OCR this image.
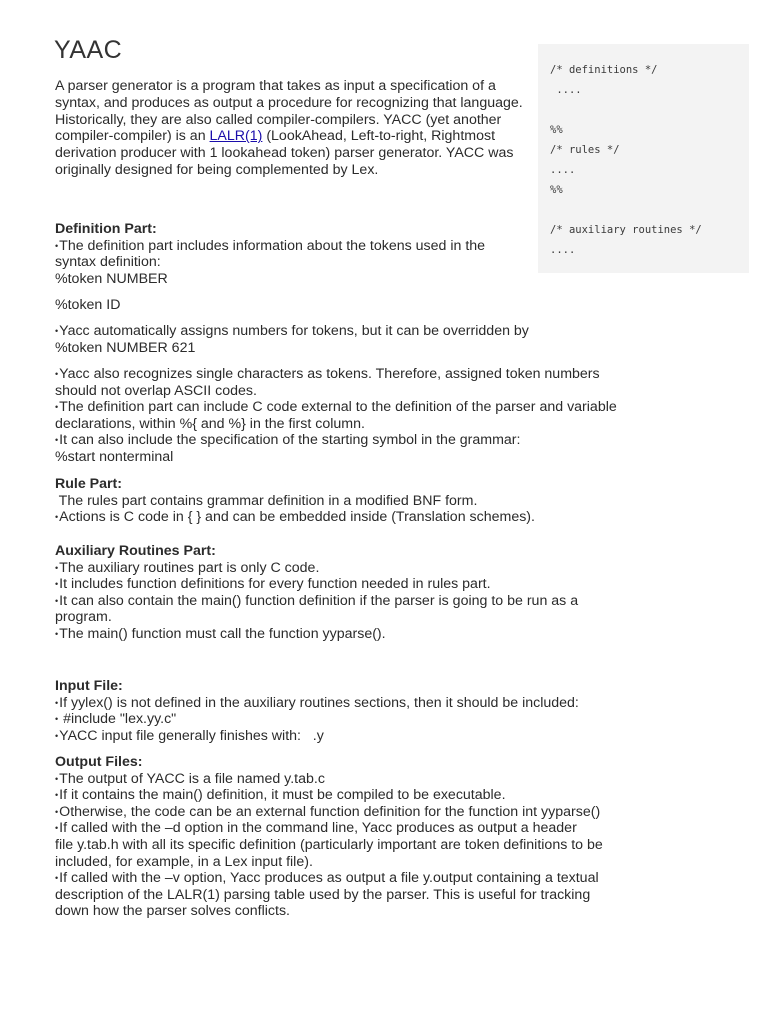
YAAC
A parser generator is a program that takes as input a specification of a syntax, and produces as output a procedure for recognizing that language. Historically, they are also called compiler-compilers. YACC (yet another compiler-compiler) is an LALR(1) (LookAhead, Left-to-right, Rightmost derivation producer with 1 lookahead token) parser generator. YACC was originally designed for being complemented by Lex.
/* definitions */
....

%%
/* rules */
....
%%

/* auxiliary routines */
....
Definition Part:
• The definition part includes information about the tokens used in the
syntax definition:
%token NUMBER
%token ID
• Yacc automatically assigns numbers for tokens, but it can be overridden by
%token NUMBER 621
• Yacc also recognizes single characters as tokens. Therefore, assigned token numbers
should not overlap ASCII codes.
• The definition part can include C code external to the definition of the parser and variable
declarations, within %{ and %} in the first column.
• It can also include the specification of the starting symbol in the grammar:
%start nonterminal
Rule Part:
The rules part contains grammar definition in a modified BNF form.
• Actions is C code in { } and can be embedded inside (Translation schemes).
Auxiliary Routines Part:
• The auxiliary routines part is only C code.
• It includes function definitions for every function needed in rules part.
• It can also contain the main() function definition if the parser is going to be run as a
program.
• The main() function must call the function yyparse().
Input File:
• If yylex() is not defined in the auxiliary routines sections, then it should be included:
•  #include "lex.yy.c"
• YACC input file generally finishes with:   .y
Output Files:
• The output of YACC is a file named y.tab.c
• If it contains the main() definition, it must be compiled to be executable.
• Otherwise, the code can be an external function definition for the function int yyparse()
• If called with the –d option in the command line, Yacc produces as output a header
file y.tab.h with all its specific definition (particularly important are token definitions to be
included, for example, in a Lex input file).
• If called with the –v option, Yacc produces as output a file y.output containing a textual
description of the LALR(1) parsing table used by the parser. This is useful for tracking
down how the parser solves conflicts.
